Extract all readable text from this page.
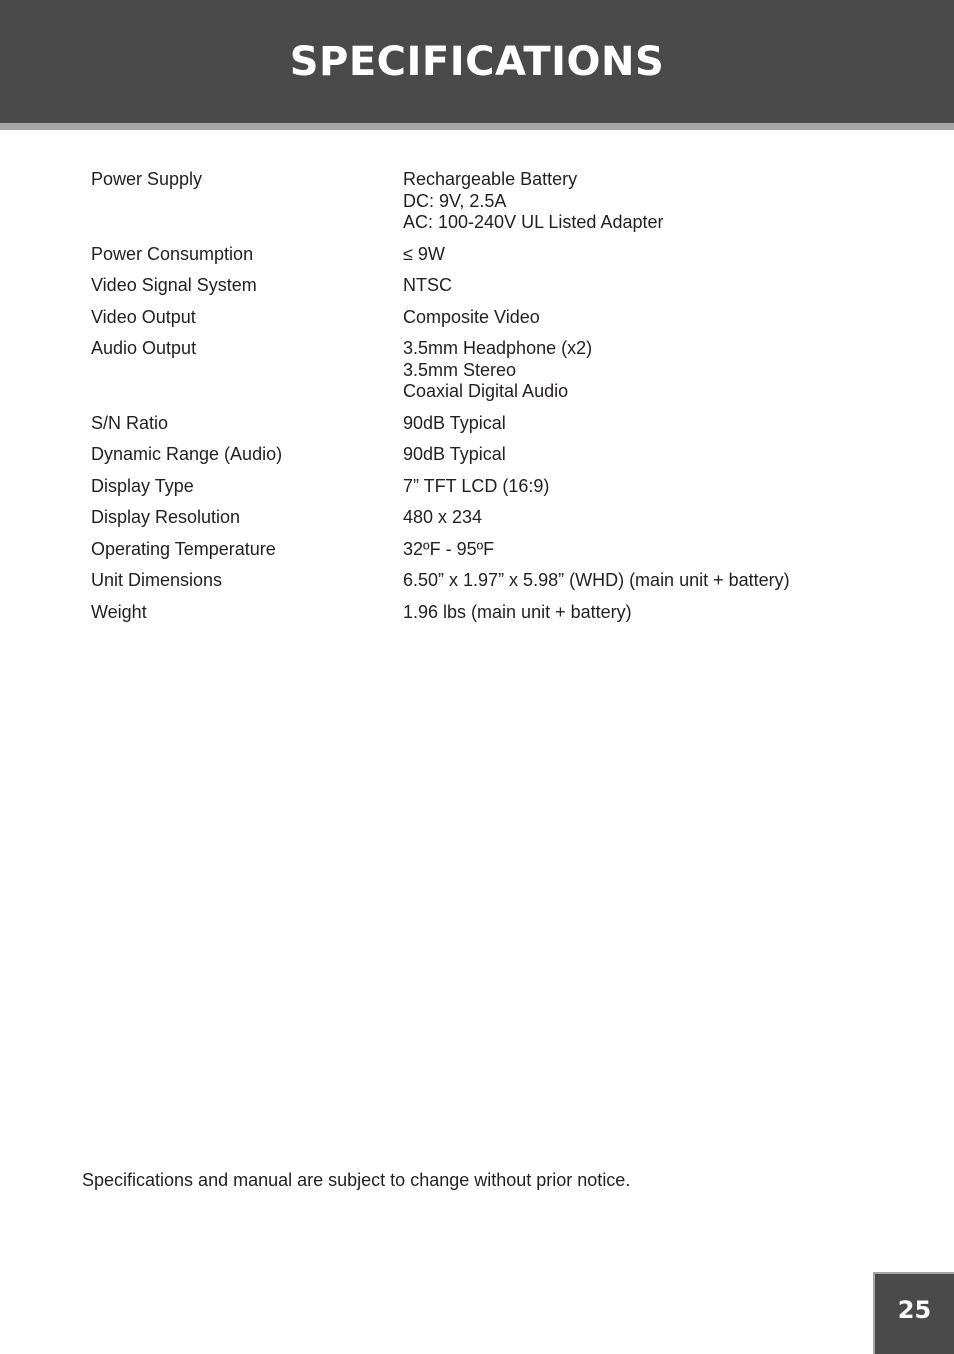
SPECIFICATIONS
Power Supply	Rechargeable Battery
DC: 9V, 2.5A
AC: 100-240V UL Listed Adapter
Power Consumption	≤ 9W
Video Signal System	NTSC
Video Output	Composite Video
Audio Output	3.5mm Headphone (x2)
3.5mm Stereo
Coaxial Digital Audio
S/N Ratio	90dB Typical
Dynamic Range (Audio)	90dB Typical
Display Type	7” TFT LCD (16:9)
Display Resolution	480 x 234
Operating Temperature	32ºF - 95ºF
Unit Dimensions	6.50” x 1.97” x 5.98” (WHD) (main unit + battery)
Weight	1.96 lbs (main unit + battery)
Specifications and manual are subject to change without prior notice.
25
